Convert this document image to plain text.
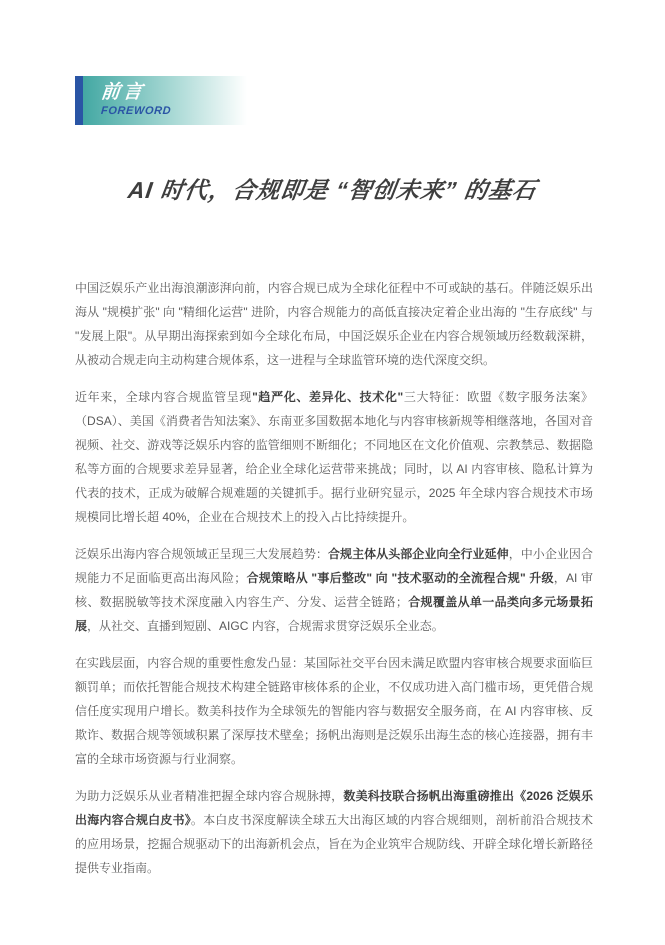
前言
FOREWORD
AI 时代，合规即是 “智创未来” 的基石

中国泛娱乐产业出海浪潮澎湃向前，内容合规已成为全球化征程中不可或缺的基石。伴随泛娱乐出海从 "规模扩张" 向 "精细化运营" 进阶，内容合规能力的高低直接决定着企业出海的 "生存底线" 与 "发展上限"。从早期出海探索到如今全球化布局，中国泛娱乐企业在内容合规领域历经数载深耕，从被动合规走向主动构建合规体系，这一进程与全球监管环境的迭代深度交织。

近年来，全球内容合规监管呈现"趋严化、差异化、技术化"三大特征：欧盟《数字服务法案》（DSA）、美国《消费者告知法案》、东南亚多国数据本地化与内容审核新规等相继落地，各国对音视频、社交、游戏等泛娱乐内容的监管细则不断细化；不同地区在文化价值观、宗教禁忌、数据隐私等方面的合规要求差异显著，给企业全球化运营带来挑战；同时，以 AI 内容审核、隐私计算为代表的技术，正成为破解合规难题的关键抓手。据行业研究显示，2025 年全球内容合规技术市场规模同比增长超 40%，企业在合规技术上的投入占比持续提升。

泛娱乐出海内容合规领域正呈现三大发展趋势：合规主体从头部企业向全行业延伸，中小企业因合规能力不足面临更高出海风险；合规策略从 "事后整改" 向 "技术驱动的全流程合规" 升级，AI 审核、数据脱敏等技术深度融入内容生产、分发、运营全链路；合规覆盖从单一品类向多元场景拓展，从社交、直播到短剧、AIGC 内容，合规需求贯穿泛娱乐全业态。

在实践层面，内容合规的重要性愈发凸显：某国际社交平台因未满足欧盟内容审核合规要求面临巨额罚单；而依托智能合规技术构建全链路审核体系的企业，不仅成功进入高门槛市场，更凭借合规信任度实现用户增长。数美科技作为全球领先的智能内容与数据安全服务商，在 AI 内容审核、反欺诈、数据合规等领域积累了深厚技术壁垒；扬帆出海则是泛娱乐出海生态的核心连接器，拥有丰富的全球市场资源与行业洞察。

为助力泛娱乐从业者精准把握全球内容合规脉搏，数美科技联合扬帆出海重磅推出《2026 泛娱乐出海内容合规白皮书》。本白皮书深度解读全球五大出海区域的内容合规细则，剖析前沿合规技术的应用场景，挖掘合规驱动下的出海新机会点，旨在为企业筑牢合规防线、开辟全球化增长新路径提供专业指南。
